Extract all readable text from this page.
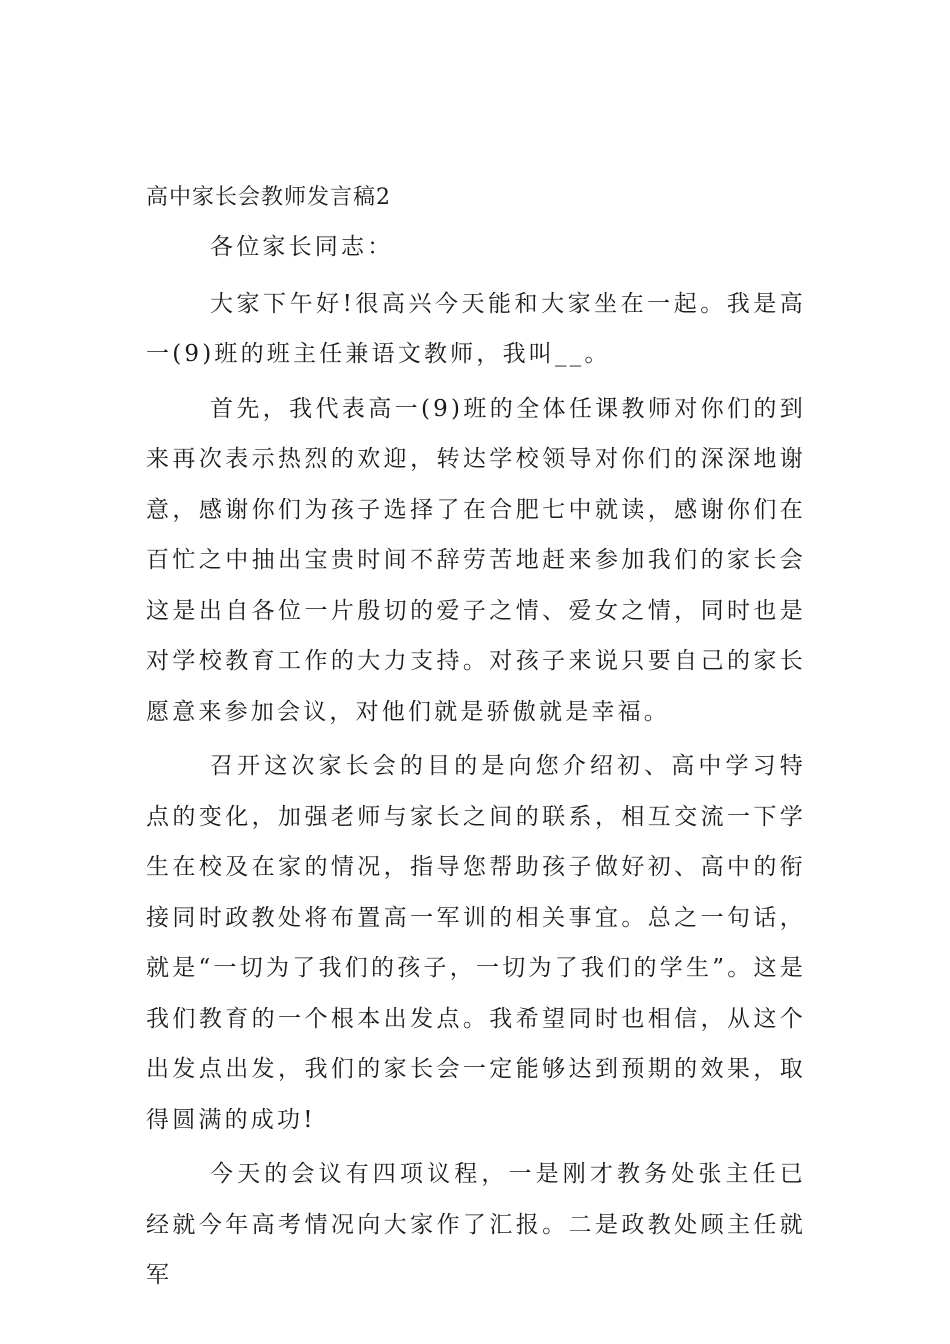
高中家长会教师发言稿2

各位家长同志：

大家下午好!很高兴今天能和大家坐在一起。我是高一(9)班的班主任兼语文教师，我叫__。

首先，我代表高一(9)班的全体任课教师对你们的到来再次表示热烈的欢迎，转达学校领导对你们的深深地谢意，感谢你们为孩子选择了在合肥七中就读，感谢你们在百忙之中抽出宝贵时间不辞劳苦地赶来参加我们的家长会这是出自各位一片殷切的爱子之情、爱女之情，同时也是对学校教育工作的大力支持。对孩子来说只要自己的家长愿意来参加会议，对他们就是骄傲就是幸福。

召开这次家长会的目的是向您介绍初、高中学习特点的变化，加强老师与家长之间的联系，相互交流一下学生在校及在家的情况，指导您帮助孩子做好初、高中的衔接同时政教处将布置高一军训的相关事宜。总之一句话，就是“一切为了我们的孩子，一切为了我们的学生”。这是我们教育的一个根本出发点。我希望同时也相信，从这个出发点出发，我们的家长会一定能够达到预期的效果，取得圆满的成功!

今天的会议有四项议程，一是刚才教务处张主任已经就今年高考情况向大家作了汇报。二是政教处顾主任就军
